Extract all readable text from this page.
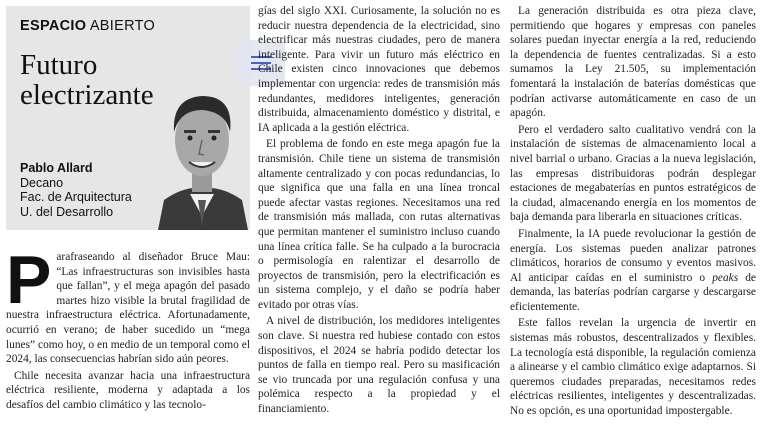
ESPACIO ABIERTO
Futuro electrizante
Pablo Allard
Decano
Fac. de Arquitectura
U. del Desarrollo

Parafraseando al diseñador Bruce Mau: “Las infraestructuras son invisibles hasta que fallan”, y el mega apagón del pasado martes hizo visible la brutal fragilidad de nuestra infraestructura eléctrica. Afortunadamente, ocurrió en verano; de haber sucedido un “mega lunes” como hoy, o en medio de un temporal como el 2024, las consecuencias habrían sido aún peores.

Chile necesita avanzar hacia una infraestructura eléctrica resiliente, moderna y adaptada a los desafíos del cambio climático y las tecnolo-

gías del siglo XXI. Curiosamente, la solución no es reducir nuestra dependencia de la electricidad, sino electrificar más nuestras ciudades, pero de manera inteligente. Para vivir un futuro más eléctrico en Chile existen cinco innovaciones que debemos implementar con urgencia: redes de transmisión más redundantes, medidores inteligentes, generación distribuida, almacenamiento doméstico y distrital, e IA aplicada a la gestión eléctrica.

El problema de fondo en este mega apagón fue la transmisión. Chile tiene un sistema de transmisión altamente centralizado y con pocas redundancias, lo que significa que una falla en una línea troncal puede afectar vastas regiones. Necesitamos una red de transmisión más mallada, con rutas alternativas que permitan mantener el suministro incluso cuando una línea crítica falle. Se ha culpado a la burocracia o permisología en ralentizar el desarrollo de proyectos de transmisión, pero la electrificación es un sistema complejo, y el daño se podría haber evitado por otras vías.

A nivel de distribución, los medidores inteligentes son clave. Si nuestra red hubiese contado con estos dispositivos, el 2024 se habría podido detectar los puntos de falla en tiempo real. Pero su masificación se vio truncada por una regulación confusa y una polémica respecto a la propiedad y el financiamiento.

La generación distribuida es otra pieza clave, permitiendo que hogares y empresas con paneles solares puedan inyectar energía a la red, reduciendo la dependencia de fuentes centralizadas. Si a esto sumamos la Ley 21.505, su implementación fomentará la instalación de baterías domésticas que podrían activarse automáticamente en caso de un apagón.

Pero el verdadero salto cualitativo vendrá con la instalación de sistemas de almacenamiento local a nivel barrial o urbano. Gracias a la nueva legislación, las empresas distribuidoras podrán desplegar estaciones de megabaterías en puntos estratégicos de la ciudad, almacenando energía en los momentos de baja demanda para liberarla en situaciones críticas.

Finalmente, la IA puede revolucionar la gestión de energía. Los sistemas pueden analizar patrones climáticos, horarios de consumo y eventos masivos. Al anticipar caídas en el suministro o peaks de demanda, las baterías podrían cargarse y descargarse eficientemente.

Este fallos revelan la urgencia de invertir en sistemas más robustos, descentralizados y flexibles. La tecnología está disponible, la regulación comienza a alinearse y el cambio climático exige adaptarnos. Si queremos ciudades preparadas, necesitamos redes eléctricas resilientes, inteligentes y descentralizadas. No es opción, es una oportunidad impostergable.
